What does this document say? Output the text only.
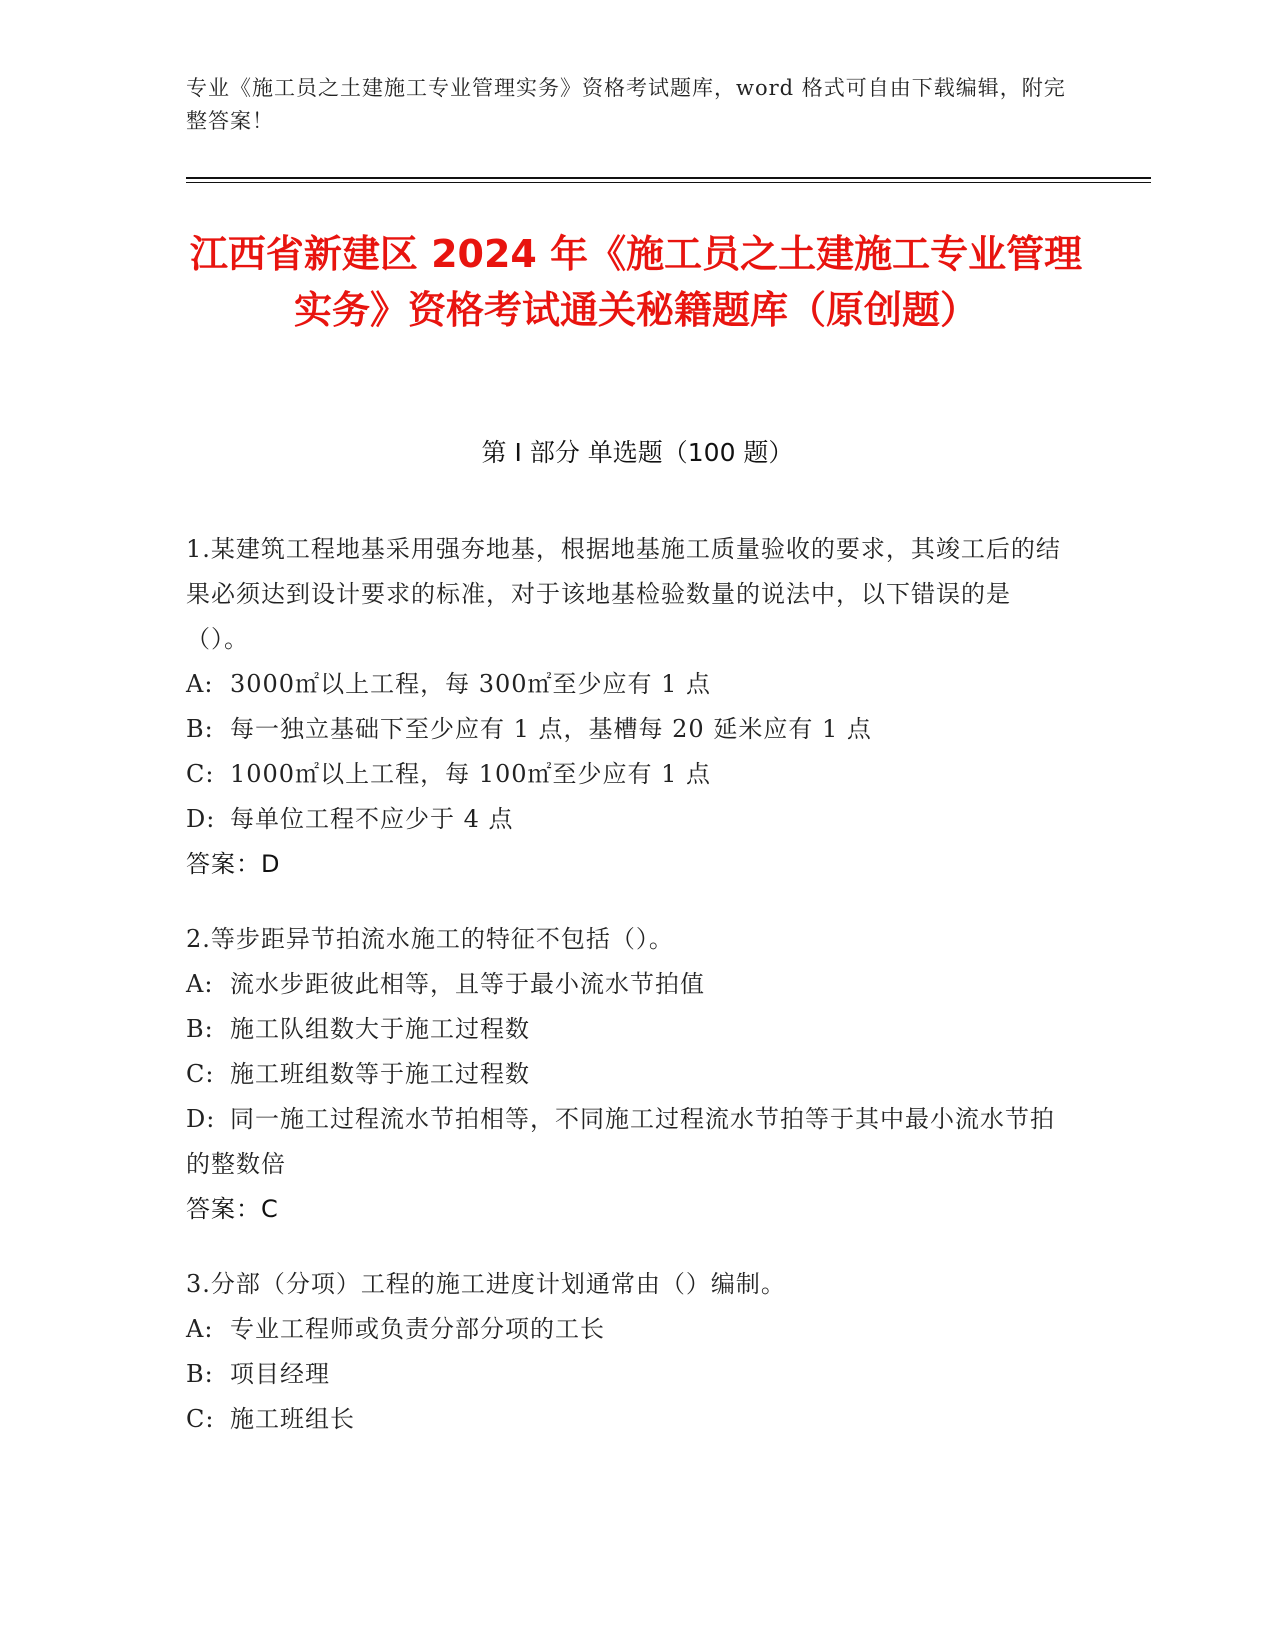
专业《施工员之土建施工专业管理实务》资格考试题库，word 格式可自由下载编辑，附完整答案！
江西省新建区 2024 年《施工员之土建施工专业管理实务》资格考试通关秘籍题库（原创题）
第 I 部分 单选题（100 题）
1.某建筑工程地基采用强夯地基，根据地基施工质量验收的要求，其竣工后的结果必须达到设计要求的标准，对于该地基检验数量的说法中，以下错误的是（）。
A: 3000㎡以上工程，每 300㎡至少应有 1 点
B: 每一独立基础下至少应有 1 点，基槽每 20 延米应有 1 点
C: 1000㎡以上工程，每 100㎡至少应有 1 点
D: 每单位工程不应少于 4 点
答案：D
2.等步距异节拍流水施工的特征不包括（）。
A: 流水步距彼此相等，且等于最小流水节拍值
B: 施工队组数大于施工过程数
C: 施工班组数等于施工过程数
D: 同一施工过程流水节拍相等，不同施工过程流水节拍等于其中最小流水节拍的整数倍
答案：C
3.分部（分项）工程的施工进度计划通常由（）编制。
A: 专业工程师或负责分部分项的工长
B: 项目经理
C: 施工班组长
